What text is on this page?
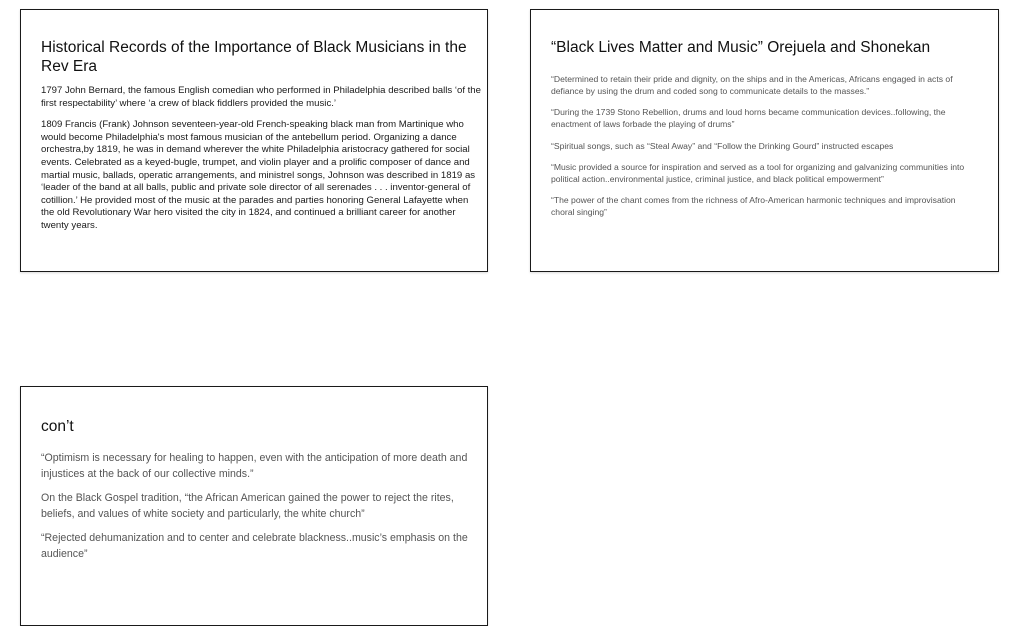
Historical Records of the Importance of Black Musicians in the Rev Era

1797 John Bernard, the famous English comedian who performed in Philadelphia described balls ‘of the first respectability’ where ‘a crew of black fiddlers provided the music.’

1809 Francis (Frank) Johnson seventeen-year-old French-speaking black man from Martinique who would become Philadelphia's most famous musician of the antebellum period. Organizing a dance orchestra,by 1819, he was in demand wherever the white Philadelphia aristocracy gathered for social events. Celebrated as a keyed-bugle, trumpet, and violin player and a prolific composer of dance and martial music, ballads, operatic arrangements, and ministrel songs, Johnson was described in 1819 as ‘leader of the band at all balls, public and private sole director of all serenades . . . inventor-general of cotillion.’ He provided most of the music at the parades and parties honoring General Lafayette when the old Revolutionary War hero visited the city in 1824, and continued a brilliant career for another twenty years.

“Black Lives Matter and Music” Orejuela and Shonekan

“Determined to retain their pride and dignity, on the ships and in the Americas, Africans engaged in acts of defiance by using the drum and coded song to communicate details to the masses.”

“During the 1739 Stono Rebellion, drums and loud horns became communication devices..following, the enactment of laws forbade the playing of drums”

“Spiritual songs, such as “Steal Away” and “Follow the Drinking Gourd” instructed escapes

“Music provided a source for inspiration and served as a tool for organizing and galvanizing communities into political action..environmental justice, criminal justice, and black political empowerment”

“The power of the chant comes from the richness of Afro-American harmonic techniques and improvisation choral singing”

con’t

“Optimism is necessary for healing to happen, even with the anticipation of more death and injustices at the back of our collective minds.”

On the Black Gospel tradition, “the African American gained the power to reject the rites, beliefs, and values of white society and particularly, the white church”

“Rejected dehumanization and to center and celebrate blackness..music’s emphasis on the audience”
